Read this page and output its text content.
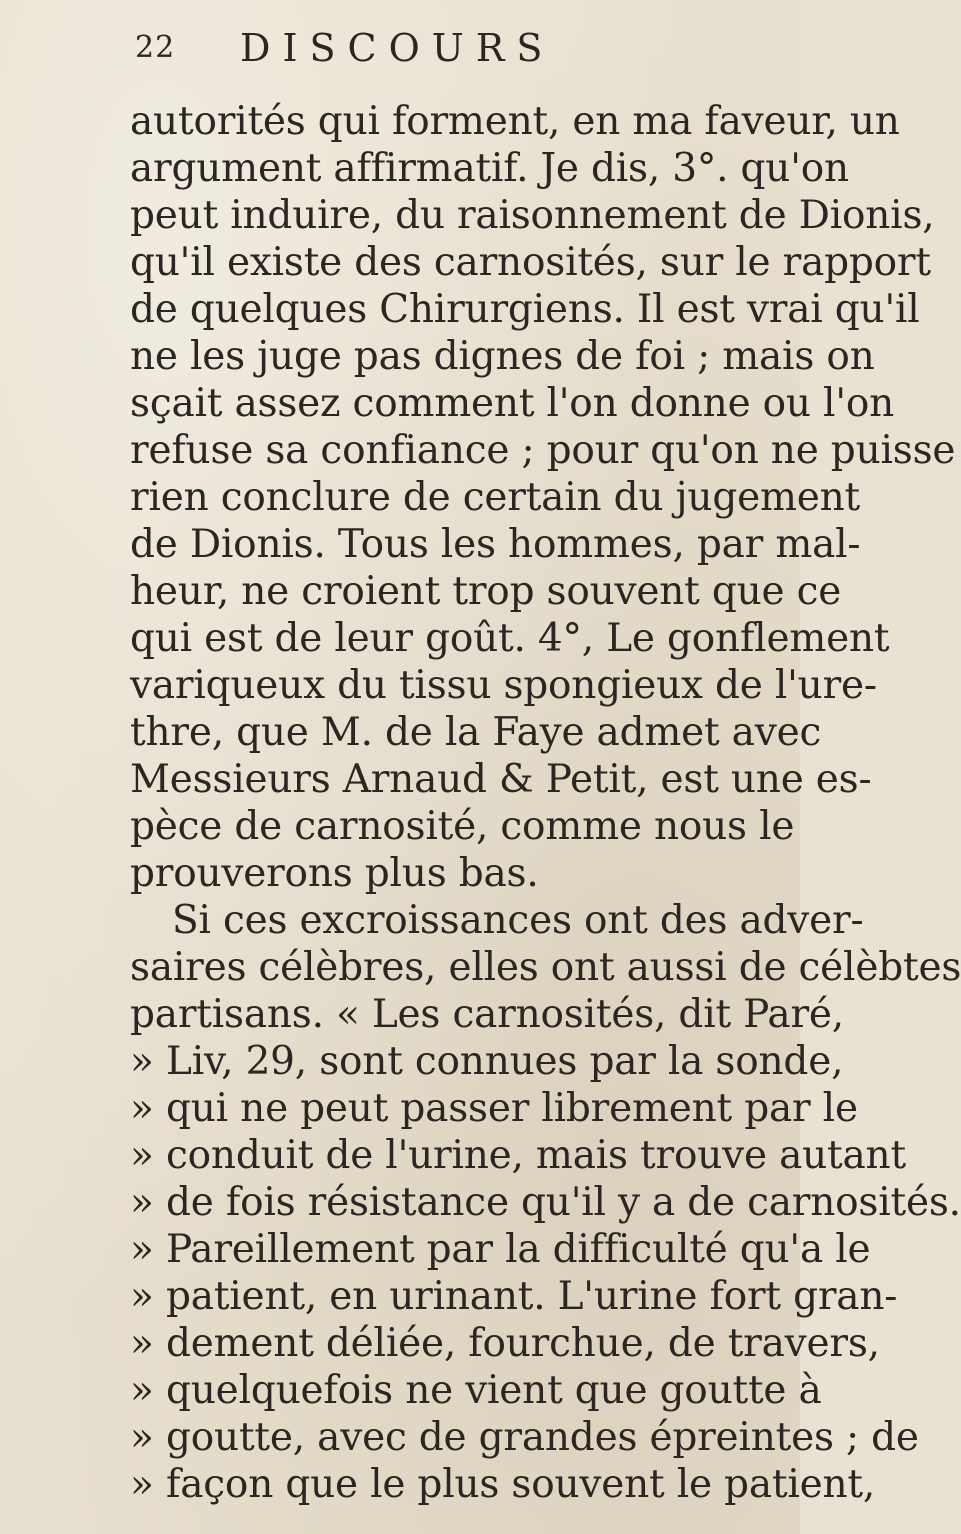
22 DISCOURS
autorités qui forment, en ma faveur, un
argument affirmatif. Je dis, 3°. qu'on
peut induire, du raisonnement de Dionis,
qu'il existe des carnosités, sur le rapport
de quelques Chirurgiens. Il est vrai qu'il
ne les juge pas dignes de foi ; mais on
sçait assez comment l'on donne ou l'on
refuse sa confiance ; pour qu'on ne puisse
rien conclure de certain du jugement
de Dionis. Tous les hommes, par mal-
heur, ne croient trop souvent que ce
qui est de leur goût. 4°, Le gonflement
variqueux du tissu spongieux de l'ure-
thre, que M. de la Faye admet avec
Messieurs Arnaud & Petit, est une es-
pèce de carnosité, comme nous le
prouverons plus bas.
Si ces excroissances ont des adver-
saires célèbres, elles ont aussi de célèbtes
partisans. « Les carnosités, dit Paré,
» Liv, 29, sont connues par la sonde,
» qui ne peut passer librement par le
» conduit de l'urine, mais trouve autant
» de fois résistance qu'il y a de carnosités.
» Pareillement par la difficulté qu'a le
» patient, en urinant. L'urine fort gran-
» dement déliée, fourchue, de travers,
» quelquefois ne vient que goutte à
» goutte, avec de grandes épreintes ; de
» façon que le plus souvent le patient,
